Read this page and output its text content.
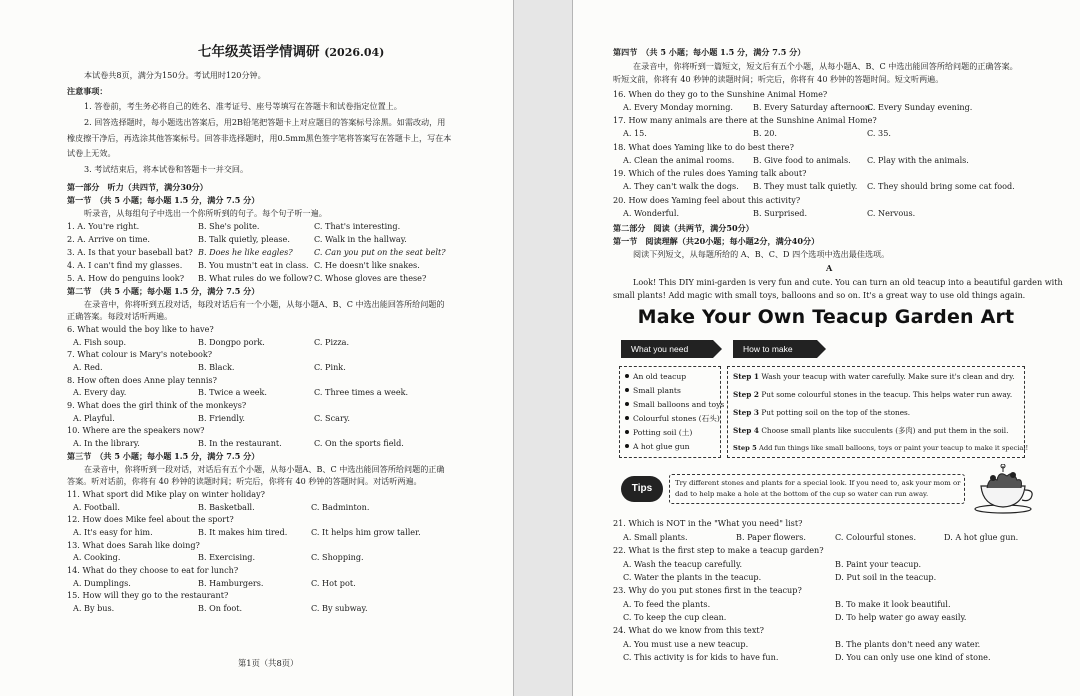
七年级英语学情调研 (2026.04)
本试卷共8页，满分为150分。考试用时120分钟。
注意事项：
1. 答卷前，考生务必将自己的姓名、准考证号、座号等填写在答题卡和试卷指定位置上。
2. 回答选择题时，每小题选出答案后，用2B铅笔把答题卡上对应题目的答案标号涂黑。如需改动，用
橡皮擦干净后，再选涂其他答案标号。回答非选择题时，用0.5mm黑色签字笔将答案写在答题卡上，写在本
试卷上无效。
3. 考试结束后，将本试卷和答题卡一并交回。
第一部分　听力（共四节，满分30分）
第一节　（共 5 小题；每小题 1.5 分，满分 7.5 分）
听录音，从每组句子中选出一个你所听到的句子。每个句子听一遍。
1. A. You're right.	B. She's polite.	C. That's interesting.
2. A. Arrive on time.	B. Talk quietly, please.	C. Walk in the hallway.
3. A. Is that your baseball bat? B. Does he like eagles?	C. Can you put on the seat belt?
4. A. I can't find my glasses. B. You mustn't eat in class. C. He doesn't like snakes.
5. A. How do penguins look? B. What rules do we follow? C. Whose gloves are these?
第二节　（共 5 小题；每小题 1.5 分，满分 7.5 分）
在录音中，你将听到五段对话，每段对话后有一个小题，从每小题A、B、C 中选出能回答所给问题的
正确答案。每段对话听两遍。
6. What would the boy like to have?
A. Fish soup.	B. Dongpo pork.	C. Pizza.
7. What colour is Mary's notebook?
A. Red.	B. Black.	C. Pink.
8. How often does Anne play tennis?
A. Every day.	B. Twice a week.	C. Three times a week.
9. What does the girl think of the monkeys?
A. Playful.	B. Friendly.	C. Scary.
10. Where are the speakers now?
A. In the library.	B. In the restaurant.	C. On the sports field.
第三节　（共 5 小题；每小题 1.5 分，满分 7.5 分）
在录音中，你将听到一段对话，对话后有五个小题，从每小题A、B、C 中选出能回答所给问题的正确
答案。听对话前，你将有 40 秒钟的读题时间；听完后，你将有 40 秒钟的答题时间。对话听两遍。
11. What sport did Mike play on winter holiday?
A. Football.	B. Basketball.	C. Badminton.
12. How does Mike feel about the sport?
A. It's easy for him.	B. It makes him tired.	C. It helps him grow taller.
13. What does Sarah like doing?
A. Cooking.	B. Exercising.	C. Shopping.
14. What do they choose to eat for lunch?
A. Dumplings.	B. Hamburgers.	C. Hot pot.
15. How will they go to the restaurant?
A. By bus.	B. On foot.	C. By subway.
第1页（共8页）
第四节　（共 5 小题；每小题 1.5 分，满分 7.5 分）
在录音中，你将听到一篇短文，短文后有五个小题，从每小题A、B、C 中选出能回答所给问题的正确答案。
听短文前，你将有 40 秒钟的读题时间；听完后，你将有 40 秒钟的答题时间。短文听两遍。
16. When do they go to the Sunshine Animal Home?
A. Every Monday morning. B. Every Saturday afternoon.
C. Every Sunday evening.
17. How many animals are there at the Sunshine Animal Home?
A. 15.	B. 20.	C. 35.
18. What does Yaming like to do best there?
A. Clean the animal rooms. B. Give food to animals. C. Play with the animals.
19. Which of the rules does Yaming talk about?
A. They can't walk the dogs. B. They must talk quietly. C. They should bring some cat food.
20. How does Yaming feel about this activity?
A. Wonderful.	B. Surprised.	C. Nervous.
第二部分　阅读（共两节，满分50分）
第一节　阅读理解（共20小题；每小题2分，满分40分）
阅读下列短文，从每题所给的 A、B、C、D 四个选项中选出最佳选项。
A
Look! This DIY mini-garden is very fun and cute. You can turn an old teacup into a beautiful garden with
small plants! Add magic with small toys, balloons and so on. It's a great way to use old things again.
21. Which is NOT in the "What you need" list?
A. Small plants.	B. Paper flowers.	C. Colourful stones.	D. A hot glue gun.
22. What is the first step to make a teacup garden?
A. Wash the teacup carefully.	B. Paint your teacup.
C. Water the plants in the teacup.	D. Put soil in the teacup.
23. Why do you put stones first in the teacup?
A. To feed the plants.	B. To make it look beautiful.
C. To keep the cup clean.	D. To help water go away easily.
24. What do we know from this text?
A. You must use a new teacup.	B. The plants don't need any water.
C. This activity is for kids to have fun.	D. You can only use one kind of stone.
Make Your Own Teacup Garden Art
What you need	How to make
An old teacup
Small plants
Small balloons and toys
Colourful stones (石头)
Potting soil (土)
A hot glue gun
Step 1 Wash your teacup with water carefully. Make sure it's clean and dry.
Step 2 Put some colourful stones in the teacup. This helps water run away.
Step 3 Put potting soil on the top of the stones.
Step 4 Choose small plants like succulents (多肉) and put them in the soil.
Step 5 Add fun things like small balloons, toys or paint your teacup to make it special!
Tips	Try different stones and plants for a special look. If you need to, ask your mom or
dad to help make a hole at the bottom of the cup so water can run away.
